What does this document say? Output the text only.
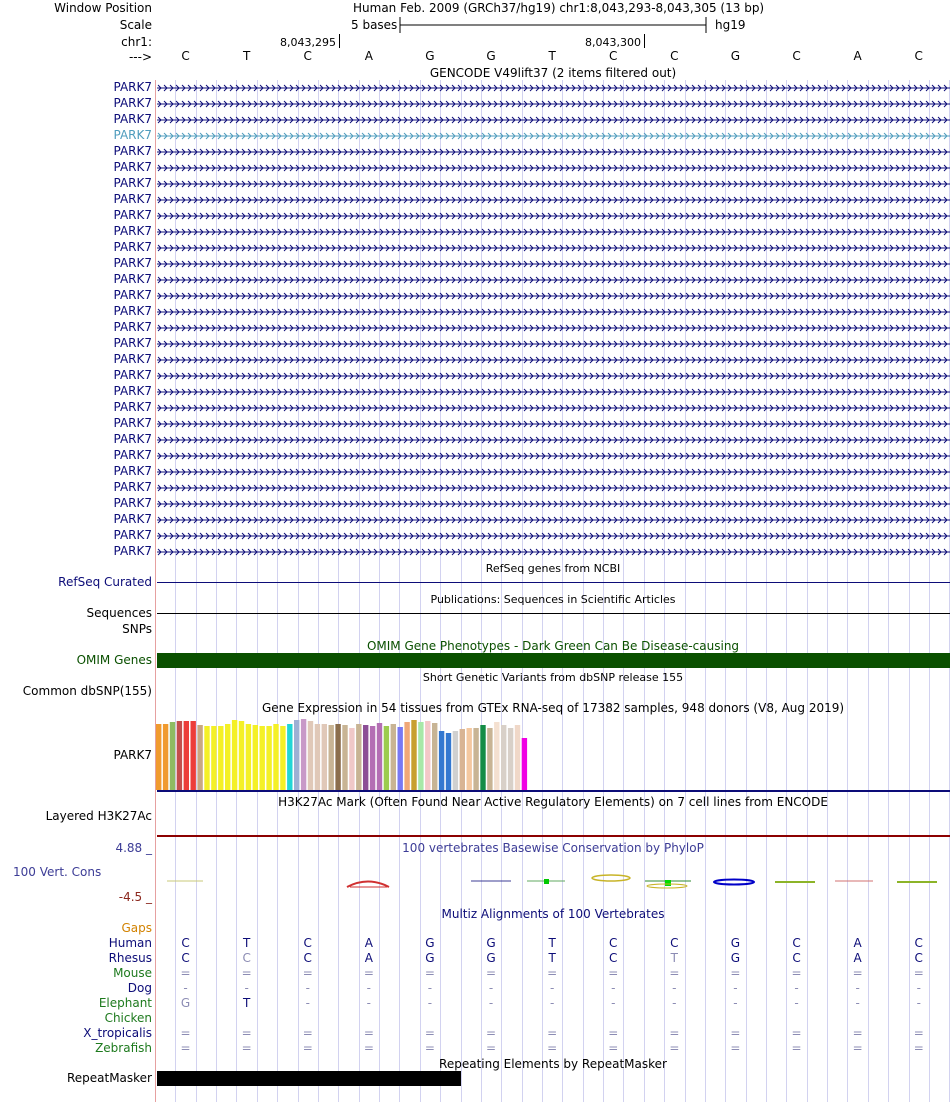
Window Position
Scale
chr1:
--->
Human Feb. 2009 (GRCh37/hg19) chr1:8,043,293-8,043,305 (13 bp)
5 bases	hg19
8,043,295	8,043,300
C	T	C	A	G	G	T	C	C	G	C	A	C
GENCODE V49lift37 (2 items filtered out)
PARK7
PARK7
PARK7
PARK7
PARK7
PARK7
PARK7
PARK7
PARK7
PARK7
PARK7
PARK7
PARK7
PARK7
PARK7
PARK7
PARK7
PARK7
PARK7
PARK7
PARK7
PARK7
PARK7
PARK7
PARK7
PARK7
PARK7
PARK7
PARK7
PARK7
RefSeq genes from NCBI
RefSeq Curated
Publications: Sequences in Scientific Articles
Sequences
SNPs
OMIM Gene Phenotypes - Dark Green Can Be Disease-causing
OMIM Genes
Short Genetic Variants from dbSNP release 155
Common dbSNP(155)
Gene Expression in 54 tissues from GTEx RNA-seq of 17382 samples, 948 donors (V8, Aug 2019)
PARK7
H3K27Ac Mark (Often Found Near Active Regulatory Elements) on 7 cell lines from ENCODE
Layered H3K27Ac
100 vertebrates Basewise Conservation by PhyloP
4.88 _
100 Vert. Cons
-4.5 _
Multiz Alignments of 100 Vertebrates
Gaps
Human	C	T	C	A	G	G	T	C	C	G	C	A	C
Rhesus	C	C	C	A	G	G	T	C	T	G	C	A	C
Mouse	=	=	=	=	=	=	=	=	=	=	=	=	=
Dog	-	-	-	-	-	-	-	-	-	-	-	-	-
Elephant	G	T	-	-	-	-	-	-	-	-	-	-	-
Chicken
X_tropicalis	=	=	=	=	=	=	=	=	=	=	=	=	=
Zebrafish	=	=	=	=	=	=	=	=	=	=	=	=	=
Repeating Elements by RepeatMasker
RepeatMasker
